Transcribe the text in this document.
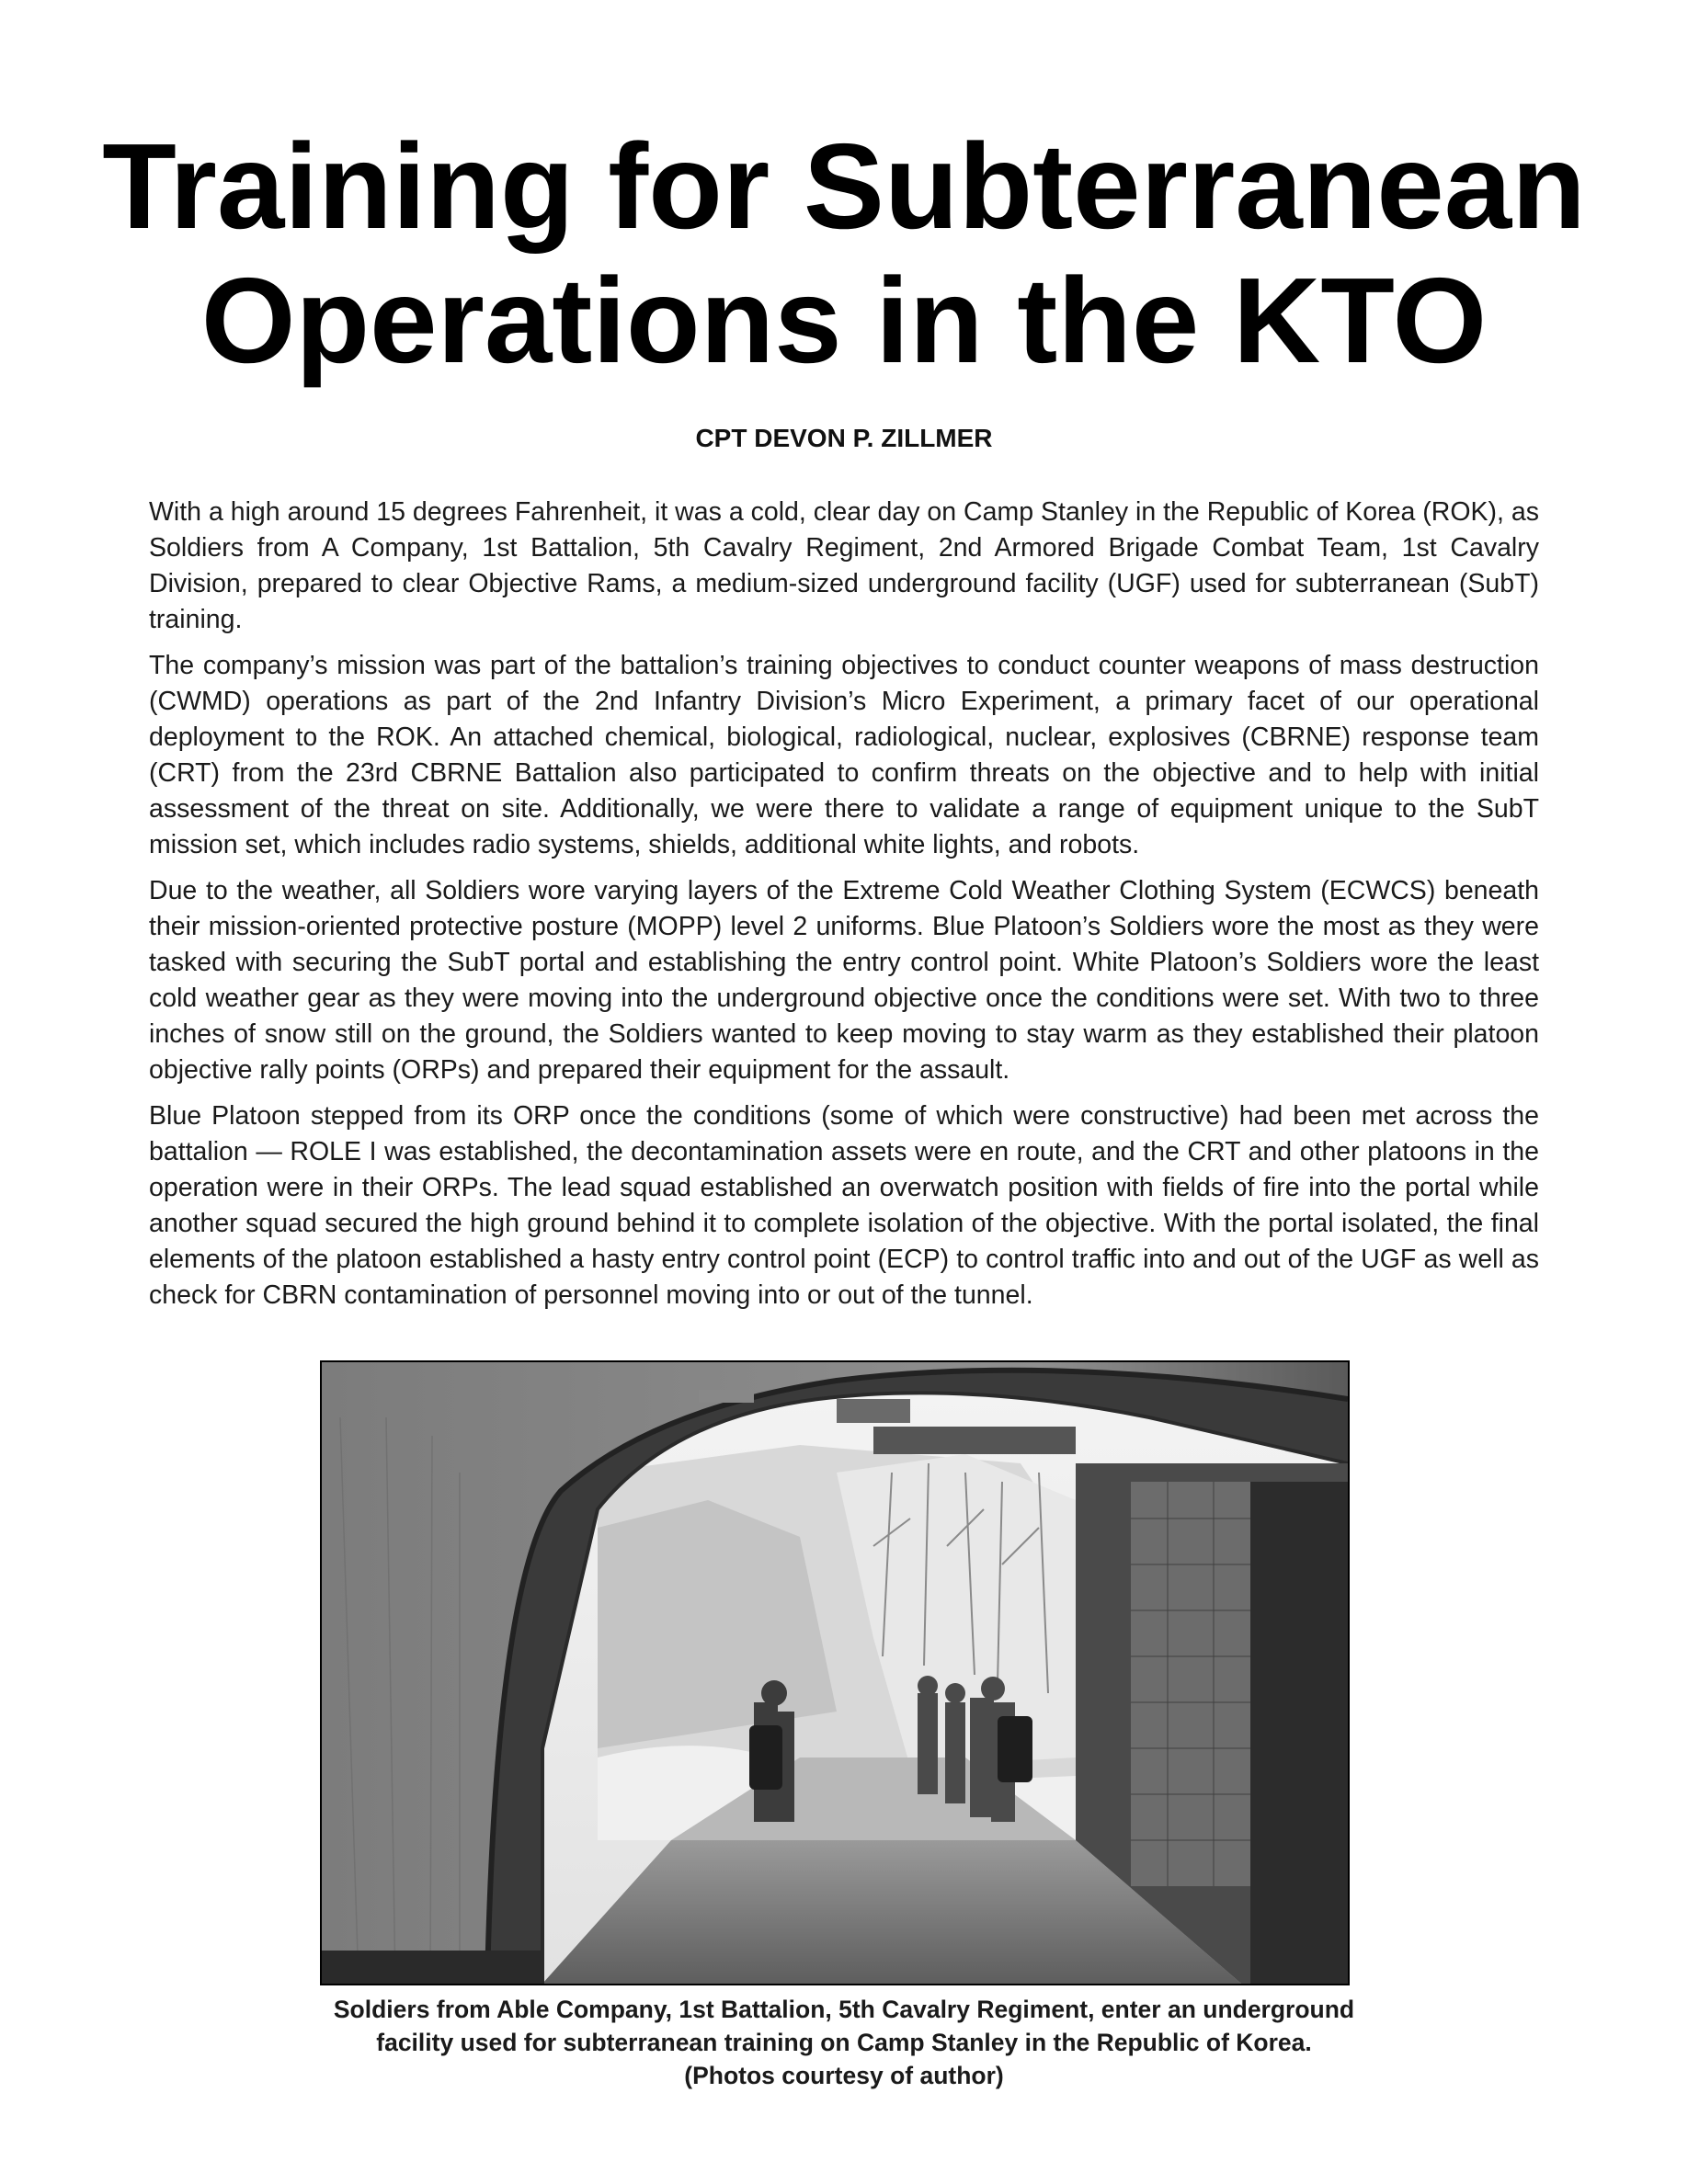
Training for Subterranean
Operations in the KTO
CPT DEVON P. ZILLMER

With a high around 15 degrees Fahrenheit, it was a cold, clear day on Camp Stanley in the Republic of Korea (ROK), as Soldiers from A Company, 1st Battalion, 5th Cavalry Regiment, 2nd Armored Brigade Combat Team, 1st Cavalry Division, prepared to clear Objective Rams, a medium-sized underground facility (UGF) used for subterranean (SubT) training.

The company’s mission was part of the battalion’s training objectives to conduct counter weapons of mass destruction (CWMD) operations as part of the 2nd Infantry Division’s Micro Experiment, a primary facet of our operational deployment to the ROK. An attached chemical, biological, radiological, nuclear, explosives (CBRNE) response team (CRT) from the 23rd CBRNE Battalion also participated to confirm threats on the objective and to help with initial assessment of the threat on site. Additionally, we were there to validate a range of equipment unique to the SubT mission set, which includes radio systems, shields, additional white lights, and robots.

Due to the weather, all Soldiers wore varying layers of the Extreme Cold Weather Clothing System (ECWCS) beneath their mission-oriented protective posture (MOPP) level 2 uniforms. Blue Platoon’s Soldiers wore the most as they were tasked with securing the SubT portal and establishing the entry control point. White Platoon’s Soldiers wore the least cold weather gear as they were moving into the underground objective once the conditions were set. With two to three inches of snow still on the ground, the Soldiers wanted to keep moving to stay warm as they established their platoon objective rally points (ORPs) and prepared their equipment for the assault.

Blue Platoon stepped from its ORP once the conditions (some of which were constructive) had been met across the battalion — ROLE I was established, the decontamination assets were en route, and the CRT and other platoons in the operation were in their ORPs. The lead squad established an overwatch position with fields of fire into the portal while another squad secured the high ground behind it to complete isolation of the objective. With the portal isolated, the final elements of the platoon established a hasty entry control point (ECP) to control traffic into and out of the UGF as well as check for CBRN contamination of personnel moving into or out of the tunnel.

Soldiers from Able Company, 1st Battalion, 5th Cavalry Regiment, enter an underground
facility used for subterranean training on Camp Stanley in the Republic of Korea.
(Photos courtesy of author)
